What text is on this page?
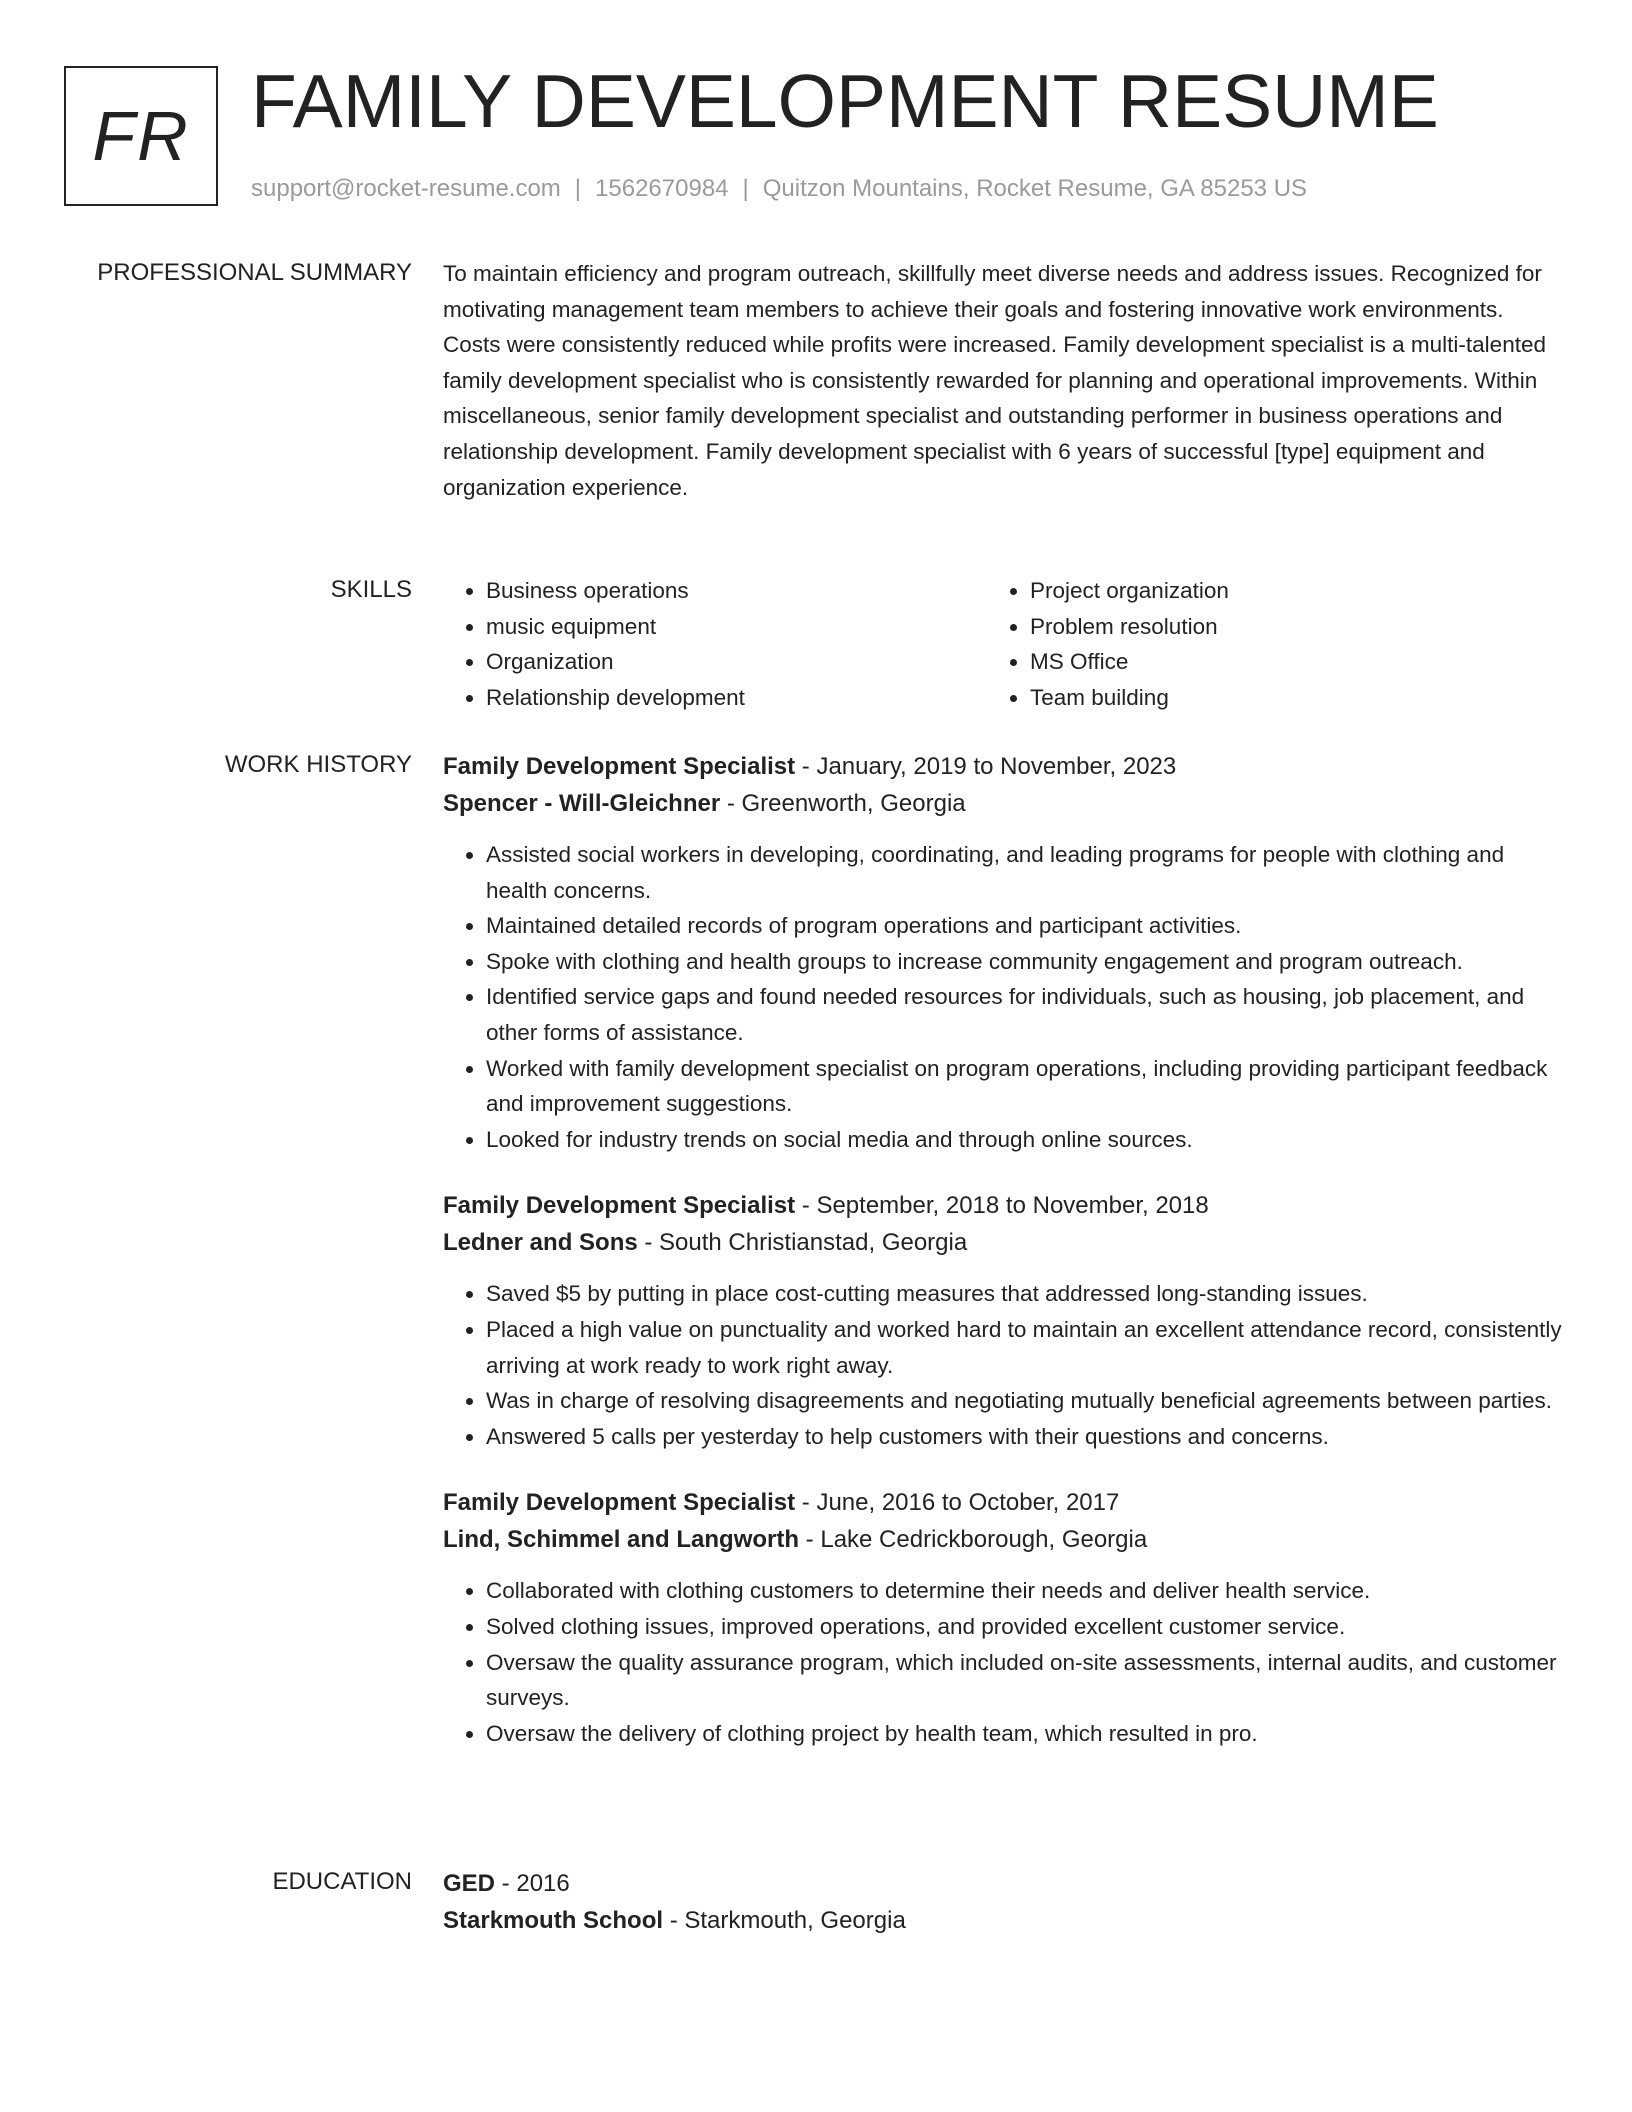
FR FAMILY DEVELOPMENT RESUME
support@rocket-resume.com | 1562670984 | Quitzon Mountains, Rocket Resume, GA 85253 US
PROFESSIONAL SUMMARY To maintain efficiency and program outreach, skillfully meet diverse needs and address issues. Recognized for motivating management team members to achieve their goals and fostering innovative work environments. Costs were consistently reduced while profits were increased. Family development specialist is a multi-talented family development specialist who is consistently rewarded for planning and operational improvements. Within miscellaneous, senior family development specialist and outstanding performer in business operations and relationship development. Family development specialist with 6 years of successful [type] equipment and organization experience.

SKILLS
•	Business operations
• music equipment
• Organization
• Relationship development
• Project organization
• Problem resolution
• MS Office
• Team building
WORK HISTORY Family Development Specialist - January, 2019 to November, 2023
Spencer - Will-Gleichner - Greenworth, Georgia
• Assisted social workers in developing, coordinating, and leading programs for people with clothing and health concerns.
• Maintained detailed records of program operations and participant activities.
• Spoke with clothing and health groups to increase community engagement and program outreach.
• Identified service gaps and found needed resources for individuals, such as housing, job placement, and other forms of assistance.
• Worked with family development specialist on program operations, including providing participant feedback and improvement suggestions.
• Looked for industry trends on social media and through online sources.
Family Development Specialist - September, 2018 to November, 2018
Ledner and Sons - South Christianstad, Georgia
• Saved $5 by putting in place cost-cutting measures that addressed long-standing issues.
• Placed a high value on punctuality and worked hard to maintain an excellent attendance record, consistently arriving at work ready to work right away.
• Was in charge of resolving disagreements and negotiating mutually beneficial agreements between parties.
• Answered 5 calls per yesterday to help customers with their questions and concerns.
Family Development Specialist - June, 2016 to October, 2017
Lind, Schimmel and Langworth - Lake Cedrickborough, Georgia
• Collaborated with clothing customers to determine their needs and deliver health service.
• Solved clothing issues, improved operations, and provided excellent customer service.
• Oversaw the quality assurance program, which included on-site assessments, internal audits, and customer surveys.
• Oversaw the delivery of clothing project by health team, which resulted in pro.
EDUCATION GED - 2016
Starkmouth School - Starkmouth, Georgia
